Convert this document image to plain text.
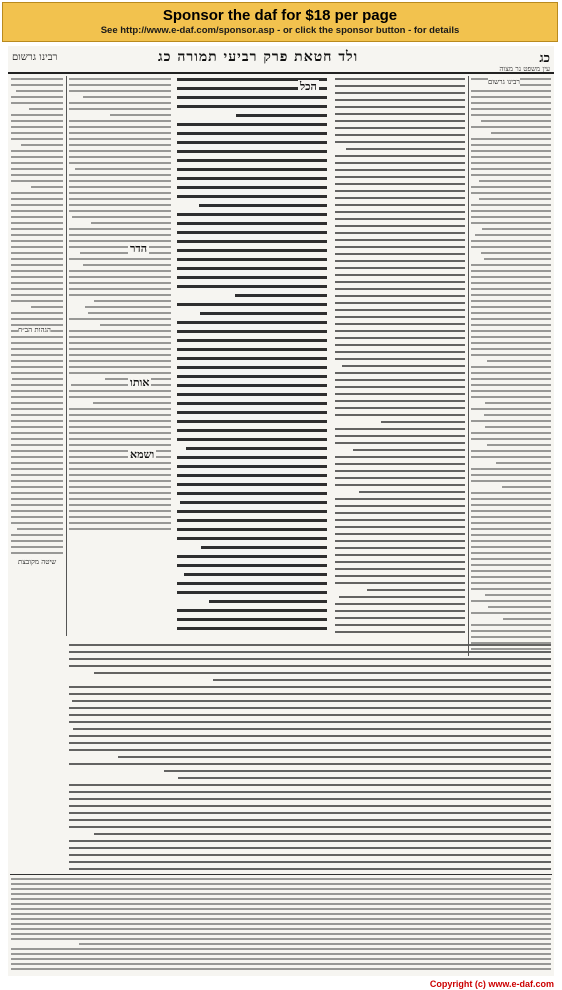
Sponsor the daf for $18 per page
See http://www.e-daf.com/sponsor.asp - or click the sponsor button - for details
רבינו גרשום	ולד חטאת פרק רביעי תמורה כג	כג
עין משפט נר מצוה
הכל
אותו
ושמא
הדר
רבינו גרשום
שיטה מקובצת
הגהות הב״ח
Copyright (c) www.e-daf.com
